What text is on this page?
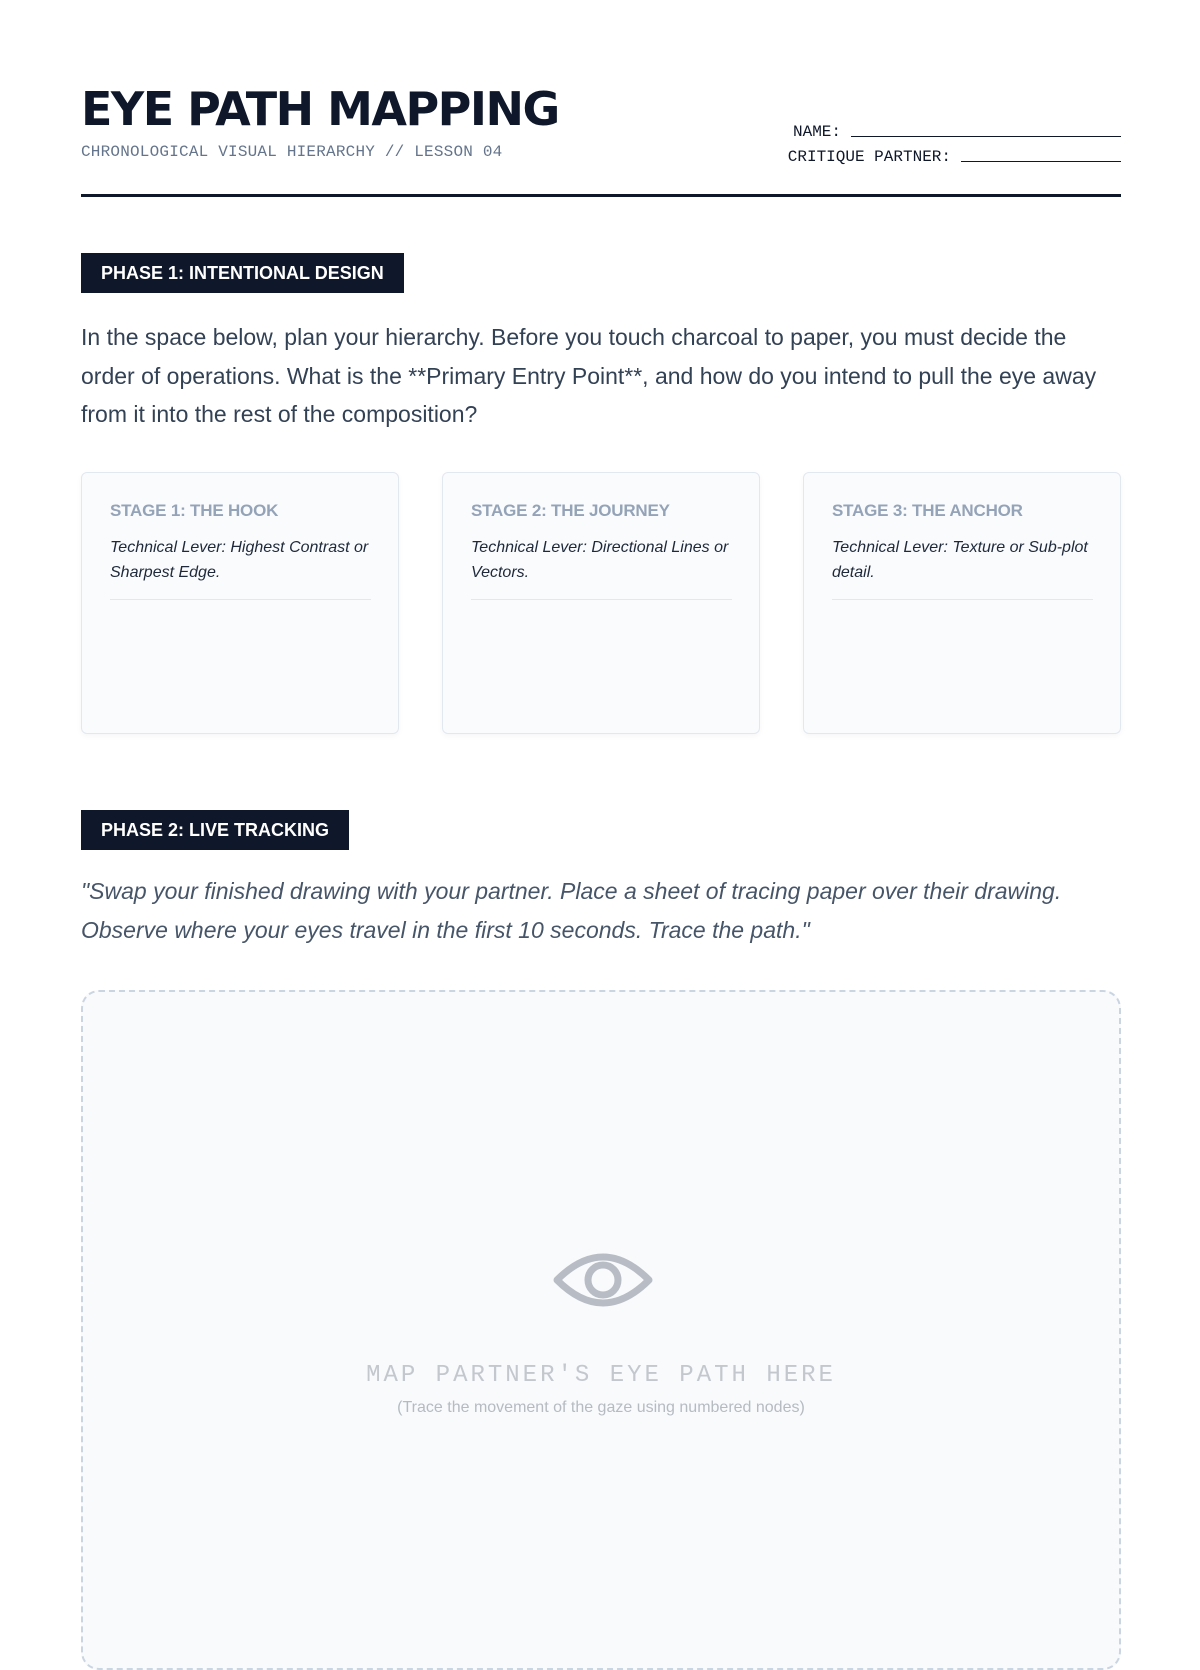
EYE PATH MAPPING
CHRONOLOGICAL VISUAL HIERARCHY // LESSON 04
NAME:
CRITIQUE PARTNER:
PHASE 1: INTENTIONAL DESIGN

In the space below, plan your hierarchy. Before you touch charcoal to paper, you must decide the order of operations. What is the **Primary Entry Point**, and how do you intend to pull the eye away from it into the rest of the composition?

STAGE 1: THE HOOK

Technical Lever: Highest Contrast or Sharpest Edge.

STAGE 2: THE JOURNEY

Technical Lever: Directional Lines or Vectors.

STAGE 3: THE ANCHOR

Technical Lever: Texture or Sub-plot detail.

PHASE 2: LIVE TRACKING

"Swap your finished drawing with your partner. Place a sheet of tracing paper over their drawing. Observe where your eyes travel in the first 10 seconds. Trace the path."

MAP PARTNER'S EYE PATH HERE
(Trace the movement of the gaze using numbered nodes)
